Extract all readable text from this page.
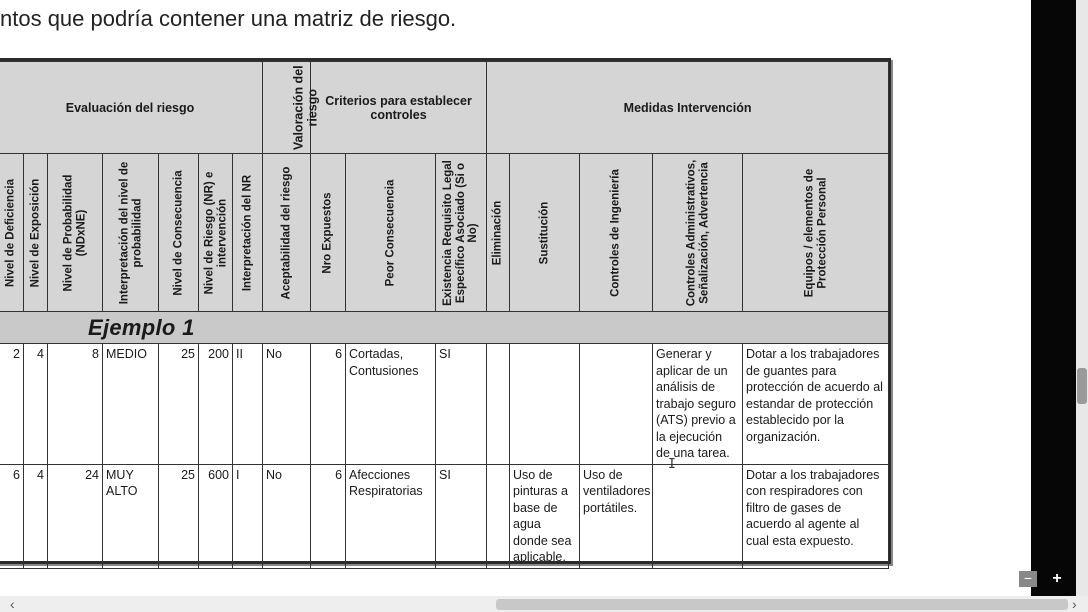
ntos que podría contener una matriz de riesgo.
Evaluación del riesgo							Valoración del riesgo	Criterios para establecer controles			Medidas Intervención				

Nivel de Deficiencia	Nivel de Exposición	Nivel de Probabilidad (NDxNE)	Interpretación del nivel de probabilidad	Nivel de Consecuencia	Nivel de Riesgo (NR) e intervención	Interpretación del NR	Aceptabilidad del riesgo	Nro Expuestos	Peor Consecuencia	Existencia Requisito Legal Específico Asociado (Si o No)	Eliminación	Sustitución	Controles de Ingeniería	Controles Administrativos, Señalización, Advertencia	Equipos / elementos de Protección Personal

Ejemplo 1															

2	4	8	MEDIO	25	200	II	No	6	Cortadas, Contusiones	SI				Generar y aplicar de un análisis de trabajo seguro (ATS) previo a la ejecución de una tarea.	Dotar a los trabajadores de guantes para protección de acuerdo al estandar de protección establecido por la organización.
6	4	24	MUY ALTO	25	600	I	No	6	Afecciones Respiratorias	SI		Uso de pinturas a base de agua donde sea aplicable.	Uso de ventiladores portátiles.		Dotar a los trabajadores con respiradores con filtro de gases de acuerdo al agente al cual esta expuesto.
I
−	+
‹	›
